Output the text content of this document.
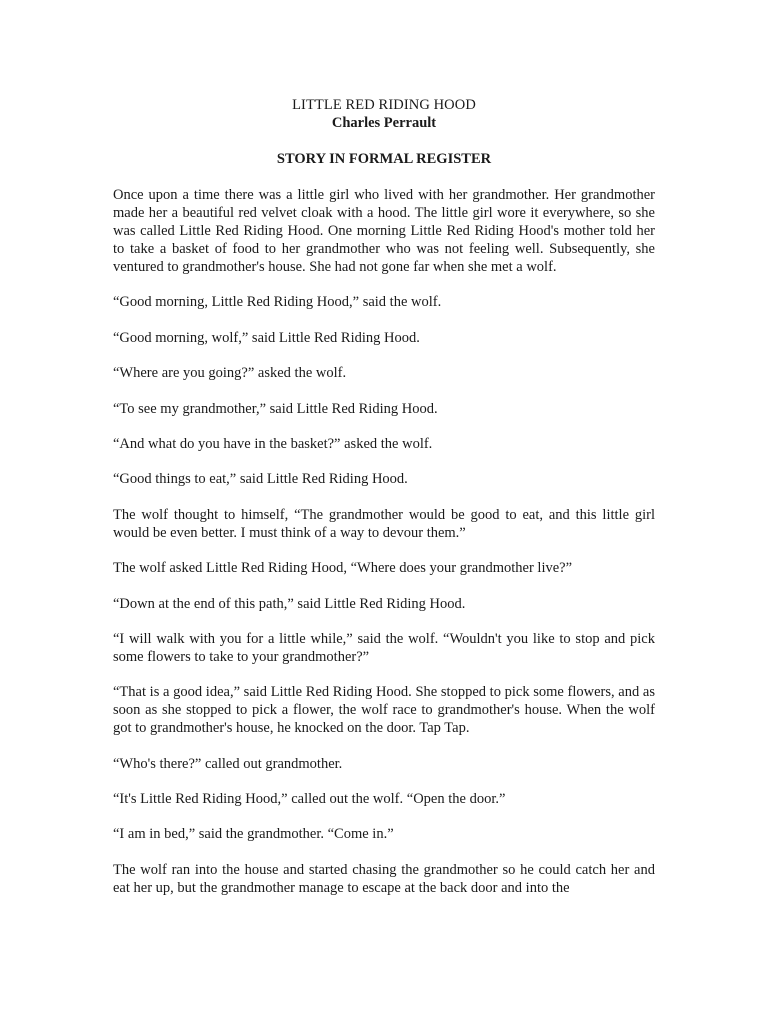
LITTLE RED RIDING HOOD
Charles Perrault
STORY IN FORMAL REGISTER

Once upon a time there was a little girl who lived with her grandmother. Her grandmother made her a beautiful red velvet cloak with a hood. The little girl wore it everywhere, so she was called Little Red Riding Hood. One morning Little Red Riding Hood's mother told her to take a basket of food to her grandmother who was not feeling well. Subsequently, she ventured to grandmother's house. She had not gone far when she met a wolf.

“Good morning, Little Red Riding Hood,” said the wolf.

“Good morning, wolf,” said Little Red Riding Hood.

“Where are you going?” asked the wolf.

“To see my grandmother,” said Little Red Riding Hood.

“And what do you have in the basket?” asked the wolf.

“Good things to eat,” said Little Red Riding Hood.

The wolf thought to himself, “The grandmother would be good to eat, and this little girl would be even better. I must think of a way to devour them.”

The wolf asked Little Red Riding Hood, “Where does your grandmother live?”

“Down at the end of this path,” said Little Red Riding Hood.

“I will walk with you for a little while,” said the wolf. “Wouldn't you like to stop and pick some flowers to take to your grandmother?”

“That is a good idea,” said Little Red Riding Hood. She stopped to pick some flowers, and as soon as she stopped to pick a flower, the wolf race to grandmother's house. When the wolf got to grandmother's house, he knocked on the door. Tap Tap.

“Who's there?” called out grandmother.

“It's Little Red Riding Hood,” called out the wolf. “Open the door.”

“I am in bed,” said the grandmother. “Come in.”

The wolf ran into the house and started chasing the grandmother so he could catch her and eat her up, but the grandmother manage to escape at the back door and into the
